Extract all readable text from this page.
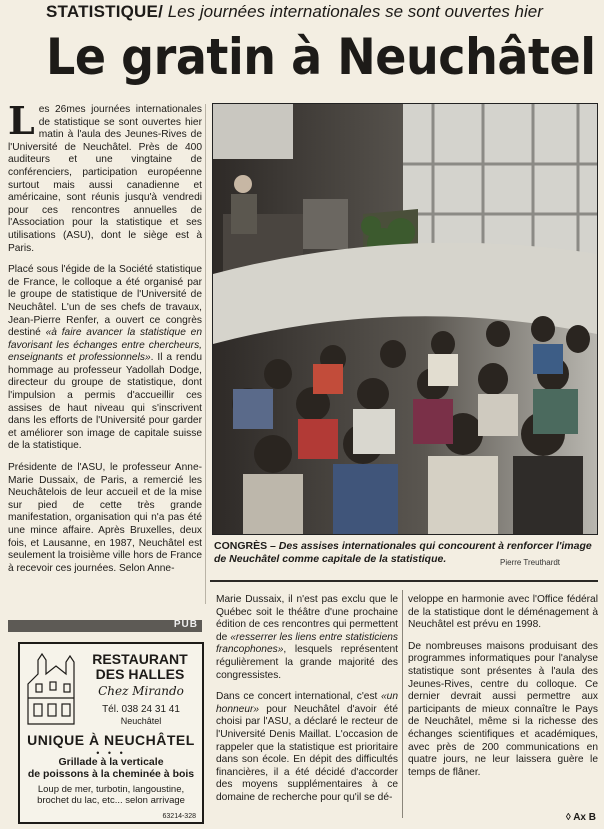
STATISTIQUE/ Les journées internationales se sont ouvertes hier
Le gratin à Neuchâtel

Les 26mes journées internationales de statistique se sont ouvertes hier matin à l'aula des Jeunes-Rives de l'Université de Neuchâtel. Près de 400 auditeurs et une vingtaine de conférenciers, participation européenne surtout mais aussi canadienne et américaine, sont réunis jusqu'à vendredi pour ces rencontres annuelles de l'Association pour la statistique et ses utilisations (ASU), dont le siège est à Paris.

Placé sous l'égide de la Société statistique de France, le colloque a été organisé par le groupe de statistique de l'Université de Neuchâtel. L'un de ses chefs de travaux, Jean-Pierre Renfer, a ouvert ce congrès destiné «à faire avancer la statistique en favorisant les échanges entre chercheurs, enseignants et professionnels». Il a rendu hommage au professeur Yadollah Dodge, directeur du groupe de statistique, dont l'impulsion a permis d'accueillir ces assises de haut niveau qui s'inscrivent dans les efforts de l'Université pour garder et améliorer son image de capitale suisse de la statistique.

Présidente de l'ASU, le professeur Anne-Marie Dussaix, de Paris, a remercié les Neuchâtelois de leur accueil et de la mise sur pied de cette très grande manifestation, organisation qui n'a pas été une mince affaire. Après Bruxelles, deux fois, et Lausanne, en 1987, Neuchâtel est seulement la troisième ville hors de France à recevoir ces journées. Selon Anne-

CONGRÈS – Des assises internationales qui concourent à renforcer l'image de Neuchâtel comme capitale de la statistique.	Pierre Treuthardt

Marie Dussaix, il n'est pas exclu que le Québec soit le théâtre d'une prochaine édition de ces rencontres qui permettent de «resserrer les liens entre statisticiens francophones», lesquels représentent régulièrement la grande majorité des congressistes.

Dans ce concert international, c'est «un honneur» pour Neuchâtel d'avoir été choisi par l'ASU, a déclaré le recteur de l'Université Denis Maillat. L'occasion de rappeler que la statistique est prioritaire dans son école. En dépit des difficultés financières, il a été décidé d'accorder des moyens supplémentaires à ce domaine de recherche pour qu'il se dé-

veloppe en harmonie avec l'Office fédéral de la statistique dont le déménagement à Neuchâtel est prévu en 1998.

De nombreuses maisons produisant des programmes informatiques pour l'analyse statistique sont présentes à l'aula des Jeunes-Rives, centre du colloque. Ce dernier devrait aussi permettre aux participants de mieux connaître le Pays de Neuchâtel, même si la richesse des échanges scientifiques et académiques, avec près de 200 communications en quatre jours, ne leur laissera guère le temps de flâner.

PUB
RESTAURANT
DES HALLES
Chez Mirando
Tél. 038 24 31 41
Neuchâtel
UNIQUE À NEUCHÂTEL
• • •
Grillade à la verticale
de poissons à la cheminée à bois
Loup de mer, turbotin, langoustine, brochet du lac, etc... selon arrivage
63214-328	◊ Ax B
